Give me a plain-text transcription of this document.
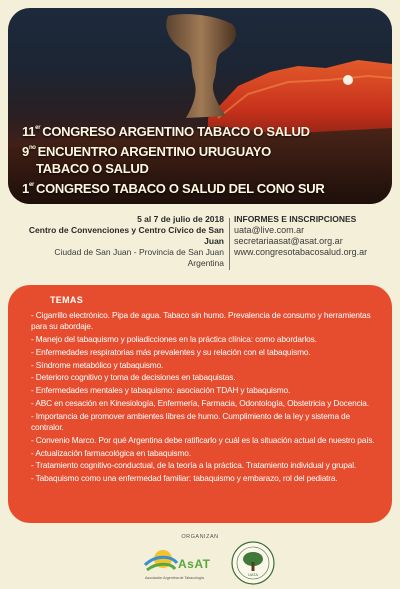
11er CONGRESO ARGENTINO TABACO O SALUD
$9^{no}$ ENCUENTRO ARGENTINO URUGUAYO
TABACO O SALUD
1er CONGRESO TABACO O SALUD DEL CONO SUR
5 al 7 de julio de 2018
Centro de Convenciones y Centro Cívico de San Juan
Ciudad de San Juan - Provincia de San Juan
Argentina
INFORMES E INSCRIPCIONES
uata@live.com.ar
secretariaasat@asat.org.ar
www.congresotabacosalud.org.ar
TEMAS
- Cigarrillo electrónico. Pipa de agua. Tabaco sin humo. Prevalencia de consumo y herramientas para su abordaje.
- Manejo del tabaquismo y poliadicciones en la práctica clínica: como abordarlos.
- Enfermedades respiratorias más prevalentes y su relación con el tabaquismo.
- Síndrome metabólico y tabaquismo.
- Deterioro cognitivo y toma de decisiones en tabaquistas.
- Enfermedades mentales y tabaquismo: asociación TDAH y tabaquismo.
- ABC en cesación en Kinesiología, Enfermería, Farmacia, Odontología, Obstetricia y Docencia.
- Importancia de promover ambientes libres de humo. Cumplimiento de la ley y sistema de contralor.
- Convenio Marco. Por qué Argentina debe ratificarlo y cuál es la situación actual de nuestro país.
- Actualización farmacológica en tabaquismo.
- Tratamiento cognitivo-conductual, de la teoría a la práctica. Tratamiento individual y grupal.
- Tabaquismo como una enfermedad familiar: tabaquismo y embarazo, rol del pediatra.
ORGANIZAN
AsAT
Asociación Argentina de Tabacología
UATA
